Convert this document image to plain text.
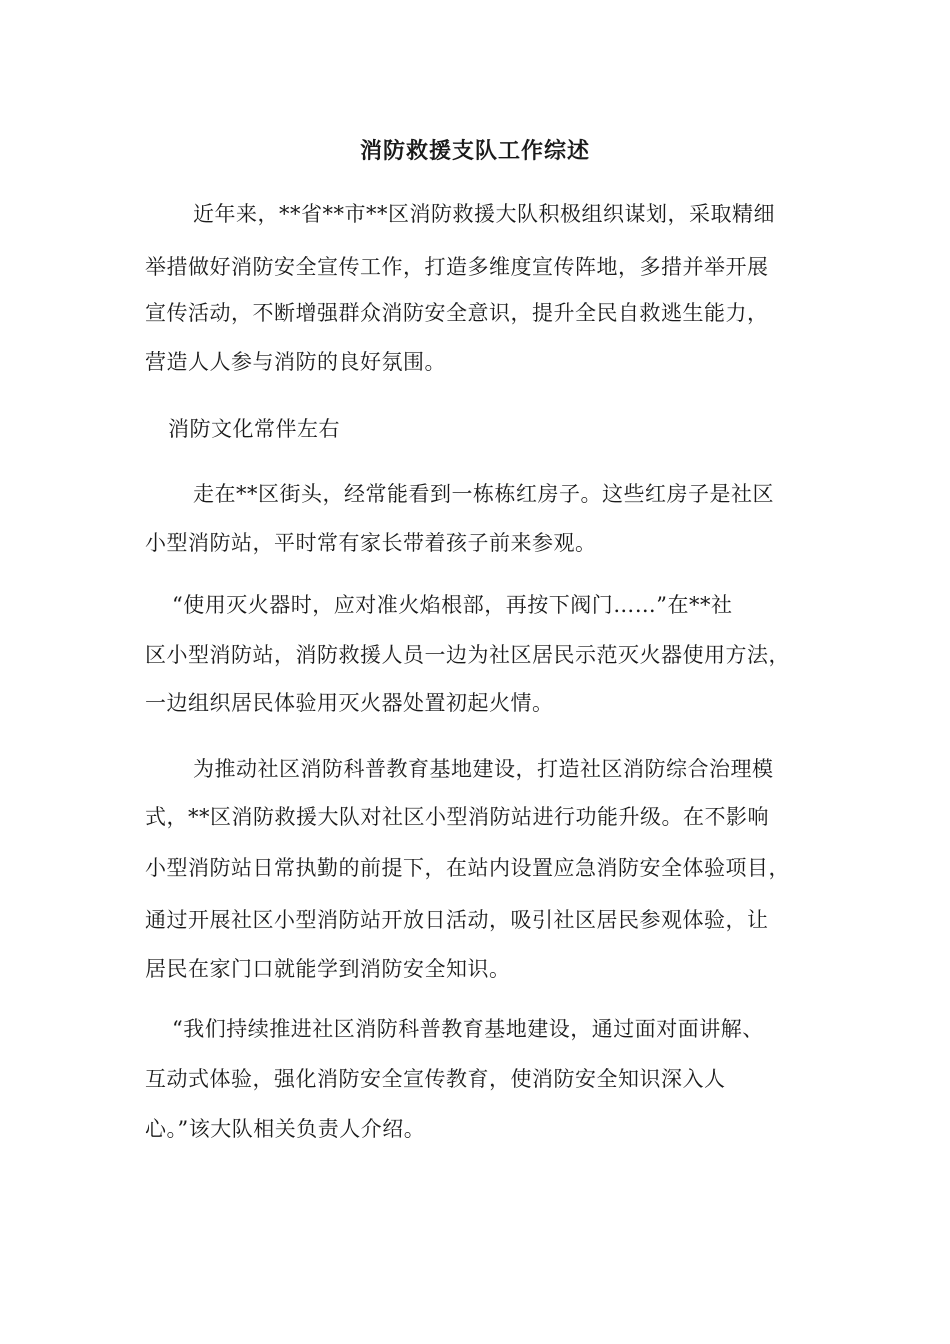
消防救援支队工作综述
近年来，**省**市**区消防救援大队积极组织谋划，采取精细
举措做好消防安全宣传工作，打造多维度宣传阵地，多措并举开展
宣传活动，不断增强群众消防安全意识，提升全民自救逃生能力，
营造人人参与消防的良好氛围。
消防文化常伴左右
走在**区街头，经常能看到一栋栋红房子。这些红房子是社区
小型消防站，平时常有家长带着孩子前来参观。
“使用灭火器时，应对准火焰根部，再按下阀门……”在**社
区小型消防站，消防救援人员一边为社区居民示范灭火器使用方法，
一边组织居民体验用灭火器处置初起火情。
为推动社区消防科普教育基地建设，打造社区消防综合治理模
式，**区消防救援大队对社区小型消防站进行功能升级。在不影响
小型消防站日常执勤的前提下，在站内设置应急消防安全体验项目，
通过开展社区小型消防站开放日活动，吸引社区居民参观体验，让
居民在家门口就能学到消防安全知识。
“我们持续推进社区消防科普教育基地建设，通过面对面讲解、
互动式体验，强化消防安全宣传教育，使消防安全知识深入人
心。”该大队相关负责人介绍。
